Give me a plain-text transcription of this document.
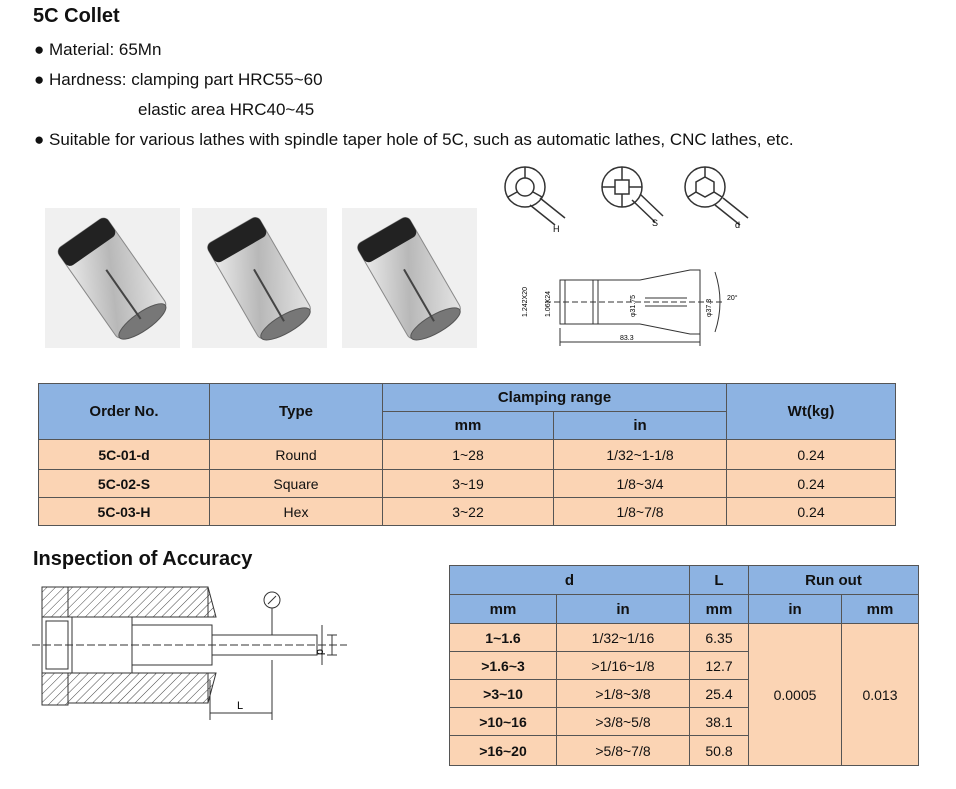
5C Collet
● Material: 65Mn
● Hardness: clamping part HRC55~60
elastic area HRC40~45
● Suitable for various lathes with spindle taper hole of 5C, such as automatic lathes, CNC lathes, etc.
H
S	d
1.242X20 1.06X24	φ31.75	φ37.3
20°
83.3
Order No.	Type	Clamping range		Wt(kg)
		mm	in	
5C-01-d	Round	1~28	1/32~1-1/8	0.24
5C-02-S	Square	3~19	1/8~3/4	0.24
5C-03-H	Hex	3~22	1/8~7/8	0.24
Inspection of Accuracy
d
L
d		L	Run out	
mm	in	mm	in	mm
1~1.6	1/32~1/16	6.35	0.0005	0.013
>1.6~3	>1/16~1/8	12.7		
>3~10	>1/8~3/8	25.4		
>10~16	>3/8~5/8	38.1		
>16~20	>5/8~7/8	50.8		
